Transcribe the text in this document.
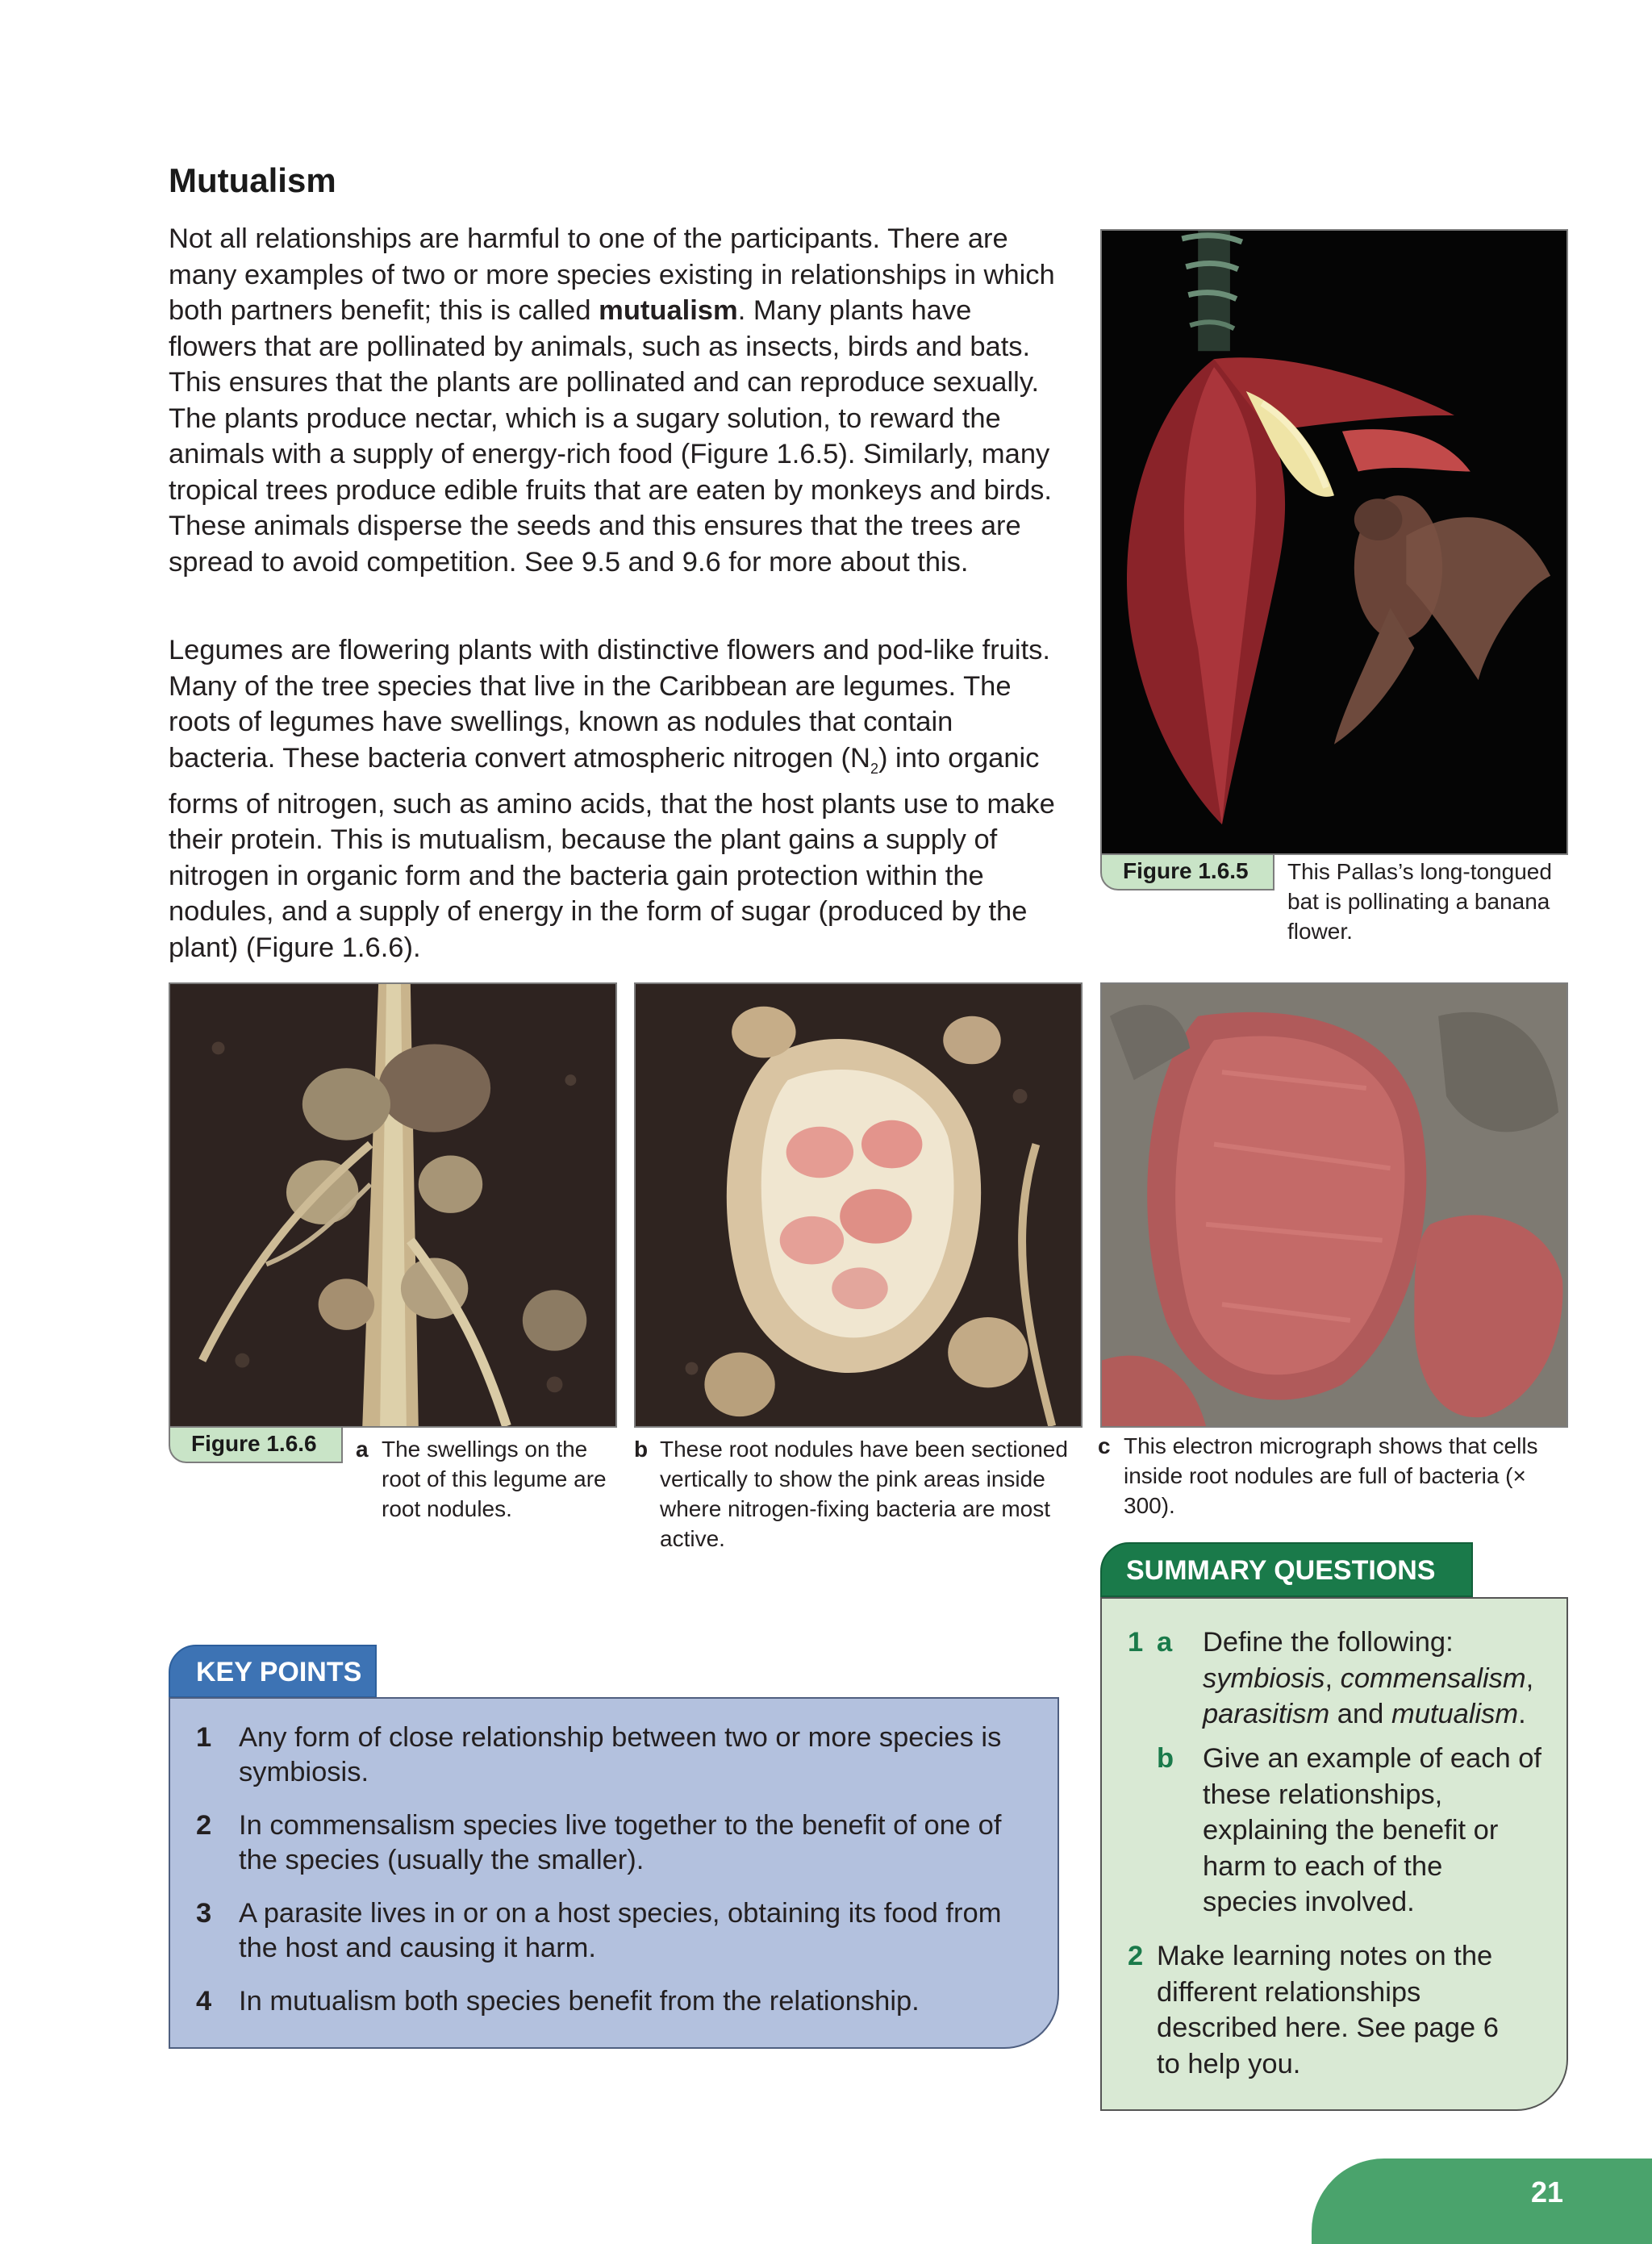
Mutualism

Not all relationships are harmful to one of the participants. There are many examples of two or more species existing in relationships in which both partners benefit; this is called mutualism. Many plants have flowers that are pollinated by animals, such as insects, birds and bats. This ensures that the plants are pollinated and can reproduce sexually. The plants produce nectar, which is a sugary solution, to reward the animals with a supply of energy-rich food (Figure 1.6.5). Similarly, many tropical trees produce edible fruits that are eaten by monkeys and birds. These animals disperse the seeds and this ensures that the trees are spread to avoid competition. See 9.5 and 9.6 for more about this.

Legumes are flowering plants with distinctive flowers and pod-like fruits. Many of the tree species that live in the Caribbean are legumes. The roots of legumes have swellings, known as nodules that contain bacteria. These bacteria convert atmospheric nitrogen $(N_2)$ into organic forms of nitrogen, such as amino acids, that the host plants use to make their protein. This is mutualism, because the plant gains a supply of nitrogen in organic form and the bacteria gain protection within the nodules, and a supply of energy in the form of sugar (produced by the plant) (Figure 1.6.6).

Figure 1.6.5	This Pallas’s long-tongued bat is pollinating a banana flower.

Figure 1.6.6	a The swellings on the root of this legume are root nodules.

b These root nodules have been sectioned vertically to show the pink areas inside where nitrogen-fixing bacteria are most active.

c This electron micrograph shows that cells inside root nodules are full of bacteria (× 300).

KEY POINTS

1 Any form of close relationship between two or more species is symbiosis.

2 In commensalism species live together to the benefit of one of the species (usually the smaller).

3 A parasite lives in or on a host species, obtaining its food from the host and causing it harm.

4 In mutualism both species benefit from the relationship.

SUMMARY QUESTIONS
1 a Define the following:
symbiosis, commensalism,
parasitism and mutualism.

b Give an example of each of these relationships, explaining the benefit or harm to each of the species involved.

2 Make learning notes on the different relationships described here. See page 6 to help you.

21
